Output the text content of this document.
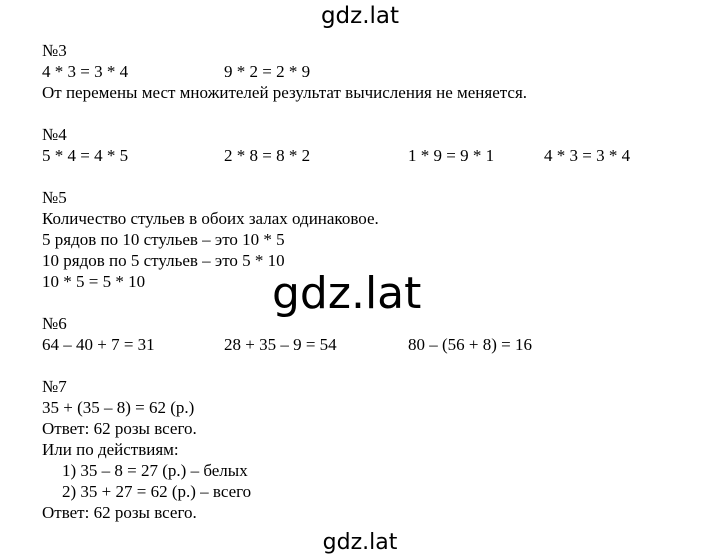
gdz.lat
gdz.lat
gdz.lat
№3
4 * 3 = 3 * 4	9 * 2 = 2 * 9
От перемены мест множителей результат вычисления не меняется.
№4
5 * 4 = 4 * 5	2 * 8 = 8 * 2	1 * 9 = 9 * 1	4 * 3 = 3 * 4
№5
Количество стульев в обоих залах одинаковое.
5 рядов по 10 стульев – это 10 * 5
10 рядов по 5 стульев – это 5 * 10
10 * 5 = 5 * 10
№6
64 – 40 + 7 = 31	28 + 35 – 9 = 54	80 – (56 + 8) = 16
№7
35 + (35 – 8) = 62 (р.)
Ответ: 62 розы всего.
Или по действиям:
1) 35 – 8 = 27 (р.) – белых
2) 35 + 27 = 62 (р.) – всего
Ответ: 62 розы всего.
